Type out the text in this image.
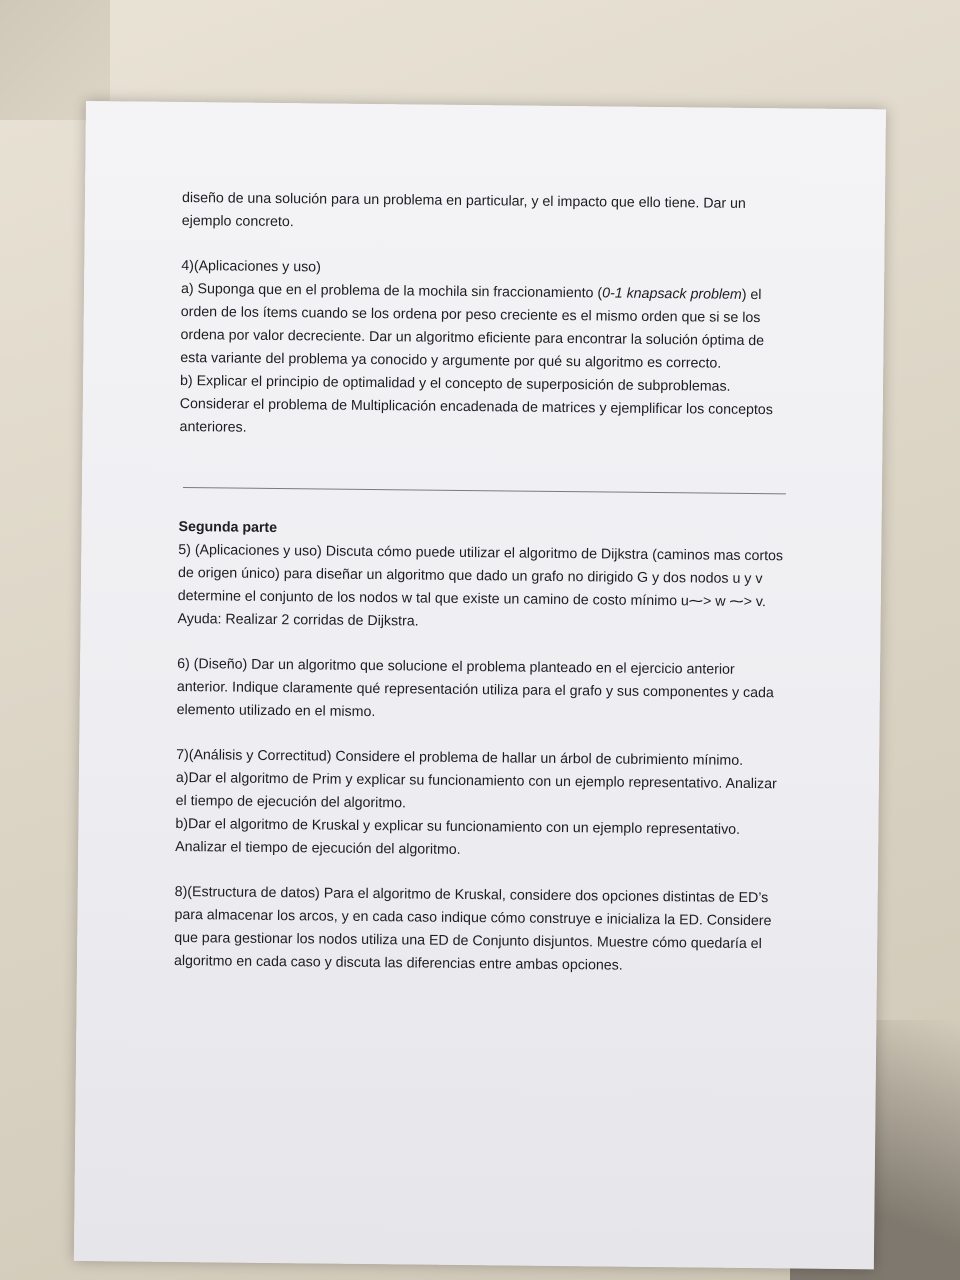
diseño de una solución para un problema en particular, y el impacto que ello tiene. Dar un

ejemplo concreto.

4)(Aplicaciones y uso)

a) Suponga que en el problema de la mochila sin fraccionamiento (0-1 knapsack problem) el orden de los ítems cuando se los ordena por peso creciente es el mismo orden que si se los ordena por valor decreciente. Dar un algoritmo eficiente para encontrar la solución óptima de esta variante del problema ya conocido y argumente por qué su algoritmo es correcto.

b) Explicar el principio de optimalidad y el concepto de superposición de subproblemas. Considerar el problema de Multiplicación encadenada de matrices y ejemplificar los conceptos anteriores.

Segunda parte

5) (Aplicaciones y uso) Discuta cómo puede utilizar el algoritmo de Dijkstra (caminos mas cortos de origen único) para diseñar un algoritmo que dado un grafo no dirigido G y dos nodos u y v determine el conjunto de los nodos w tal que existe un camino de costo mínimo u⁓> w ⁓> v.

Ayuda: Realizar 2 corridas de Dijkstra.

6) (Diseño) Dar un algoritmo que solucione el problema planteado en el ejercicio anterior anterior. Indique claramente qué representación utiliza para el grafo y sus componentes y cada elemento utilizado en el mismo.

7)(Análisis y Correctitud) Considere el problema de hallar un árbol de cubrimiento mínimo.

a)Dar el algoritmo de Prim y explicar su funcionamiento con un ejemplo representativo. Analizar el tiempo de ejecución del algoritmo.

b)Dar el algoritmo de Kruskal y explicar su funcionamiento con un ejemplo representativo. Analizar el tiempo de ejecución del algoritmo.

8)(Estructura de datos) Para el algoritmo de Kruskal, considere dos opciones distintas de ED’s para almacenar los arcos, y en cada caso indique cómo construye e inicializa la ED. Considere que para gestionar los nodos utiliza una ED de Conjunto disjuntos. Muestre cómo quedaría el algoritmo en cada caso y discuta las diferencias entre ambas opciones.
